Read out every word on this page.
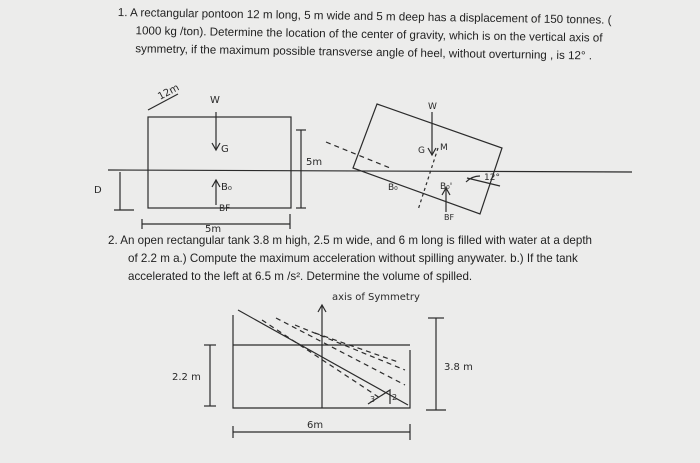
1. A rectangular pontoon 12 m long, 5 m wide and 5 m deep has a displacement of 150 tonnes. (
1000 kg /ton). Determine the location of the center of gravity, which is on the vertical axis of
symmetry, if the maximum possible transverse angle of heel, without overturning , is 12° .
2. An open rectangular tank 3.8 m high, 2.5 m wide, and 6 m long is filled with water at a depth
of 2.2 m a.) Compute the maximum acceleration without spilling anywater. b.) If the tank
accelerated to the left at 6.5 m /s². Determine the volume of spilled.
12m	W
G
5m
D	B₀
BF
5m
W
G M
B₀	B₀'
12°
BF
axis of Symmetry
2.2 m
3.8 m
6m
3 2
